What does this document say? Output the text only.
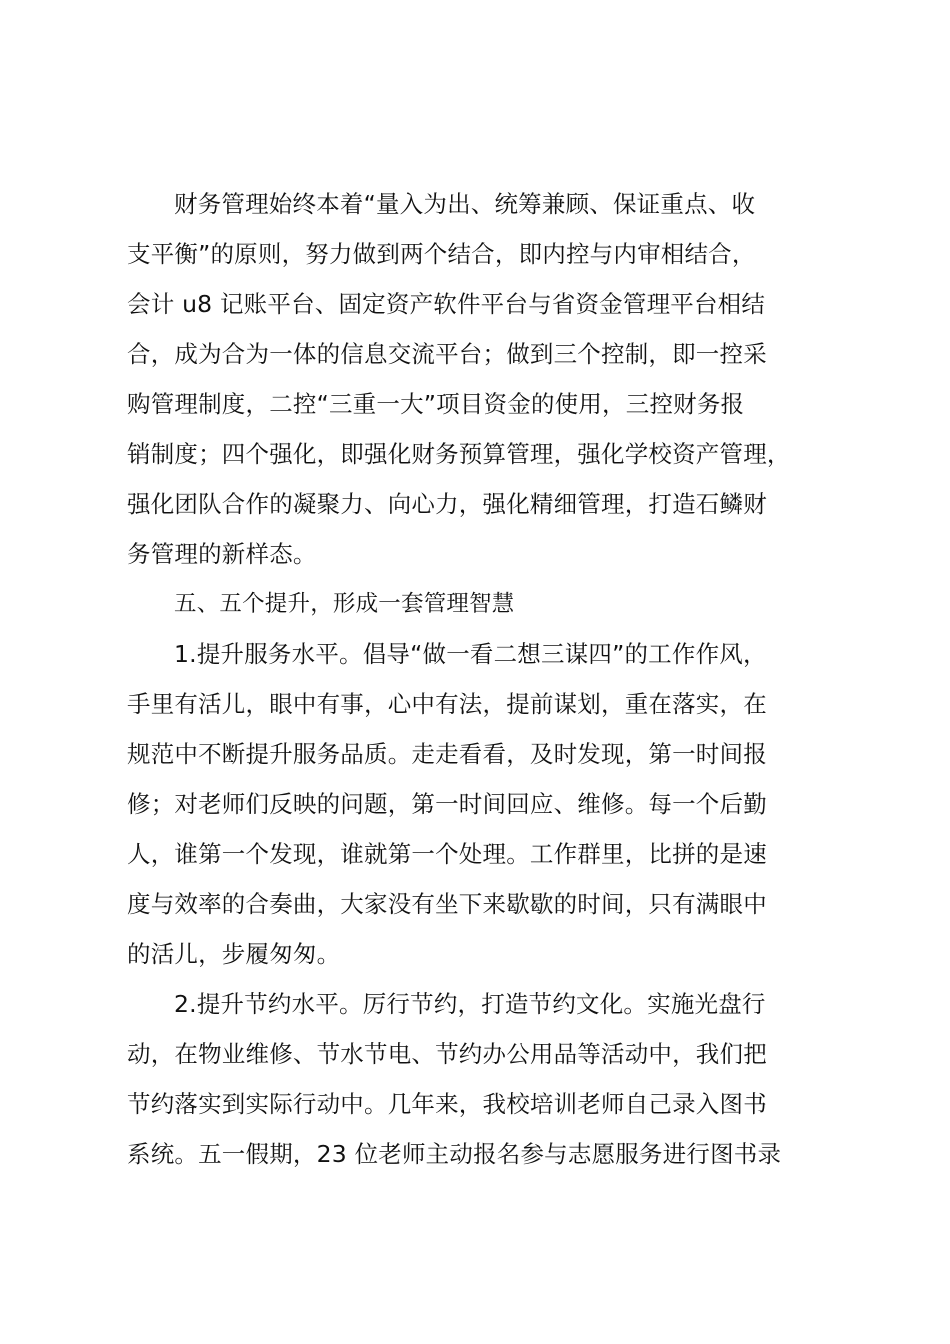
财务管理始终本着“量入为出、统筹兼顾、保证重点、收
支平衡”的原则，努力做到两个结合，即内控与内审相结合，
会计 u8 记账平台、固定资产软件平台与省资金管理平台相结
合，成为合为一体的信息交流平台；做到三个控制，即一控采
购管理制度，二控“三重一大”项目资金的使用，三控财务报
销制度；四个强化，即强化财务预算管理，强化学校资产管理，
强化团队合作的凝聚力、向心力，强化精细管理，打造石鳞财
务管理的新样态。
五、五个提升，形成一套管理智慧
1.提升服务水平。倡导“做一看二想三谋四”的工作作风，
手里有活儿，眼中有事，心中有法，提前谋划，重在落实，在
规范中不断提升服务品质。走走看看，及时发现，第一时间报
修；对老师们反映的问题，第一时间回应、维修。每一个后勤
人，谁第一个发现，谁就第一个处理。工作群里，比拼的是速
度与效率的合奏曲，大家没有坐下来歇歇的时间，只有满眼中
的活儿，步履匆匆。
2.提升节约水平。厉行节约，打造节约文化。实施光盘行
动，在物业维修、节水节电、节约办公用品等活动中，我们把
节约落实到实际行动中。几年来，我校培训老师自己录入图书
系统。五一假期，23 位老师主动报名参与志愿服务进行图书录
